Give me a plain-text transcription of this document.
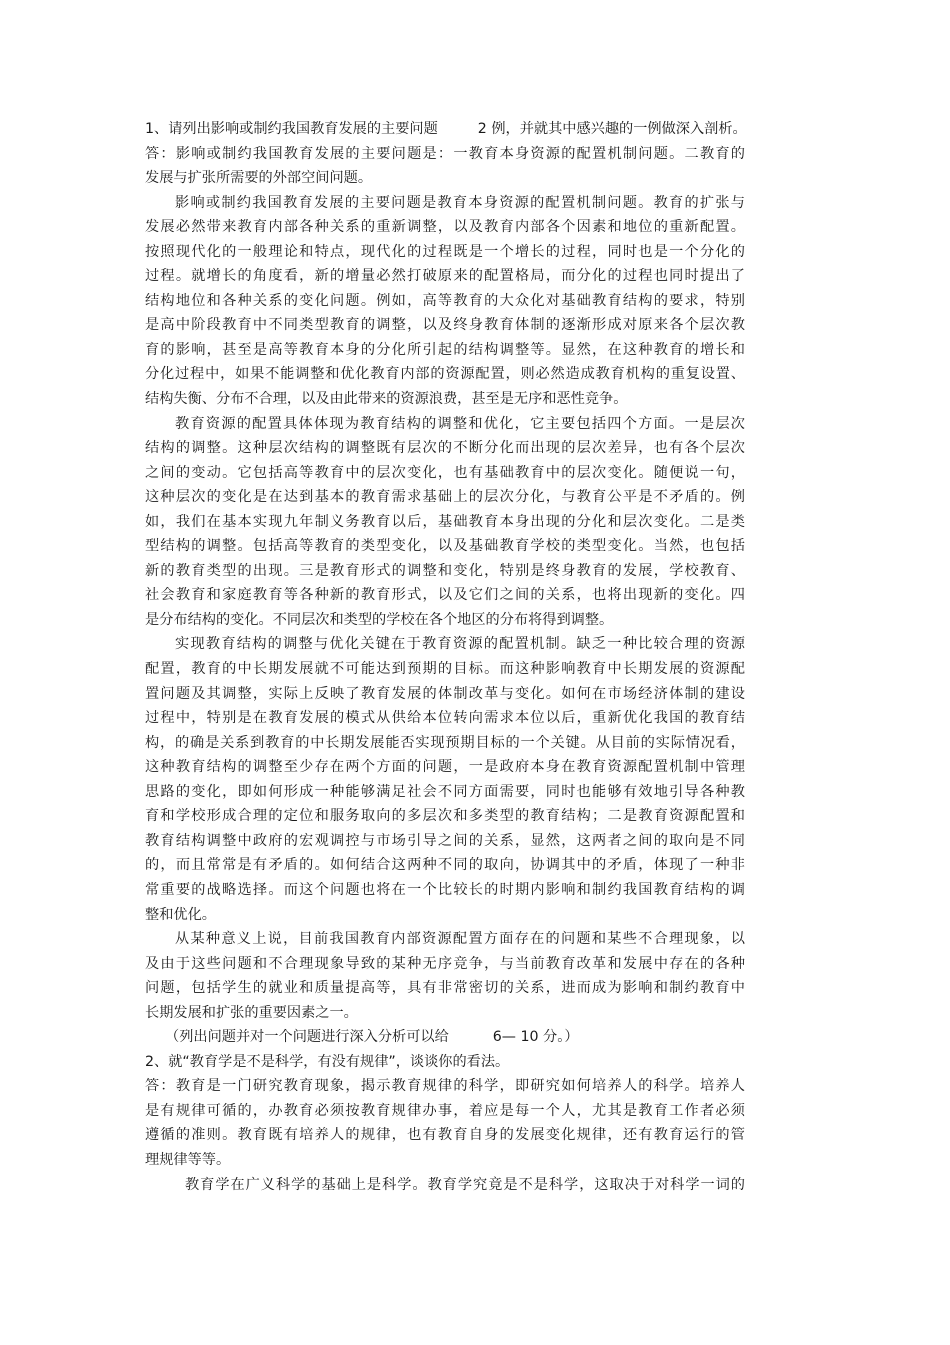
1、请列出影响或制约我国教育发展的主要问题	2 例，并就其中感兴趣的一例做深入剖析。
答：影响或制约我国教育发展的主要问题是：一教育本身资源的配置机制问题。二教育的
发展与扩张所需要的外部空间问题。
影响或制约我国教育发展的主要问题是教育本身资源的配置机制问题。教育的扩张与
发展必然带来教育内部各种关系的重新调整，以及教育内部各个因素和地位的重新配置。
按照现代化的一般理论和特点，现代化的过程既是一个增长的过程，同时也是一个分化的
过程。就增长的角度看，新的增量必然打破原来的配置格局，而分化的过程也同时提出了
结构地位和各种关系的变化问题。例如，高等教育的大众化对基础教育结构的要求，特别
是高中阶段教育中不同类型教育的调整，以及终身教育体制的逐渐形成对原来各个层次教
育的影响，甚至是高等教育本身的分化所引起的结构调整等。显然，在这种教育的增长和
分化过程中，如果不能调整和优化教育内部的资源配置，则必然造成教育机构的重复设置、
结构失衡、分布不合理，以及由此带来的资源浪费，甚至是无序和恶性竞争。
教育资源的配置具体体现为教育结构的调整和优化，它主要包括四个方面。一是层次
结构的调整。这种层次结构的调整既有层次的不断分化而出现的层次差异，也有各个层次
之间的变动。它包括高等教育中的层次变化，也有基础教育中的层次变化。随便说一句，
这种层次的变化是在达到基本的教育需求基础上的层次分化，与教育公平是不矛盾的。例
如，我们在基本实现九年制义务教育以后，基础教育本身出现的分化和层次变化。二是类
型结构的调整。包括高等教育的类型变化，以及基础教育学校的类型变化。当然，也包括
新的教育类型的出现。三是教育形式的调整和变化，特别是终身教育的发展，学校教育、
社会教育和家庭教育等各种新的教育形式，以及它们之间的关系，也将出现新的变化。四
是分布结构的变化。不同层次和类型的学校在各个地区的分布将得到调整。
实现教育结构的调整与优化关键在于教育资源的配置机制。缺乏一种比较合理的资源
配置，教育的中长期发展就不可能达到预期的目标。而这种影响教育中长期发展的资源配
置问题及其调整，实际上反映了教育发展的体制改革与变化。如何在市场经济体制的建设
过程中，特别是在教育发展的模式从供给本位转向需求本位以后，重新优化我国的教育结
构，的确是关系到教育的中长期发展能否实现预期目标的一个关键。从目前的实际情况看，
这种教育结构的调整至少存在两个方面的问题，一是政府本身在教育资源配置机制中管理
思路的变化，即如何形成一种能够满足社会不同方面需要，同时也能够有效地引导各种教
育和学校形成合理的定位和服务取向的多层次和多类型的教育结构；二是教育资源配置和
教育结构调整中政府的宏观调控与市场引导之间的关系，显然，这两者之间的取向是不同
的，而且常常是有矛盾的。如何结合这两种不同的取向，协调其中的矛盾，体现了一种非
常重要的战略选择。而这个问题也将在一个比较长的时期内影响和制约我国教育结构的调
整和优化。
从某种意义上说，目前我国教育内部资源配置方面存在的问题和某些不合理现象，以
及由于这些问题和不合理现象导致的某种无序竞争，与当前教育改革和发展中存在的各种
问题，包括学生的就业和质量提高等，具有非常密切的关系，进而成为影响和制约教育中
长期发展和扩张的重要因素之一。
（列出问题并对一个问题进行深入分析可以给	6— 10 分。）
2、就“教育学是不是科学，有没有规律”，谈谈你的看法。
答：教育是一门研究教育现象，揭示教育规律的科学，即研究如何培养人的科学。培养人
是有规律可循的，办教育必须按教育规律办事，着应是每一个人，尤其是教育工作者必须
遵循的准则。教育既有培养人的规律，也有教育自身的发展变化规律，还有教育运行的管
理规律等等。
教育学在广义科学的基础上是科学。教育学究竟是不是科学，这取决于对科学一词的
